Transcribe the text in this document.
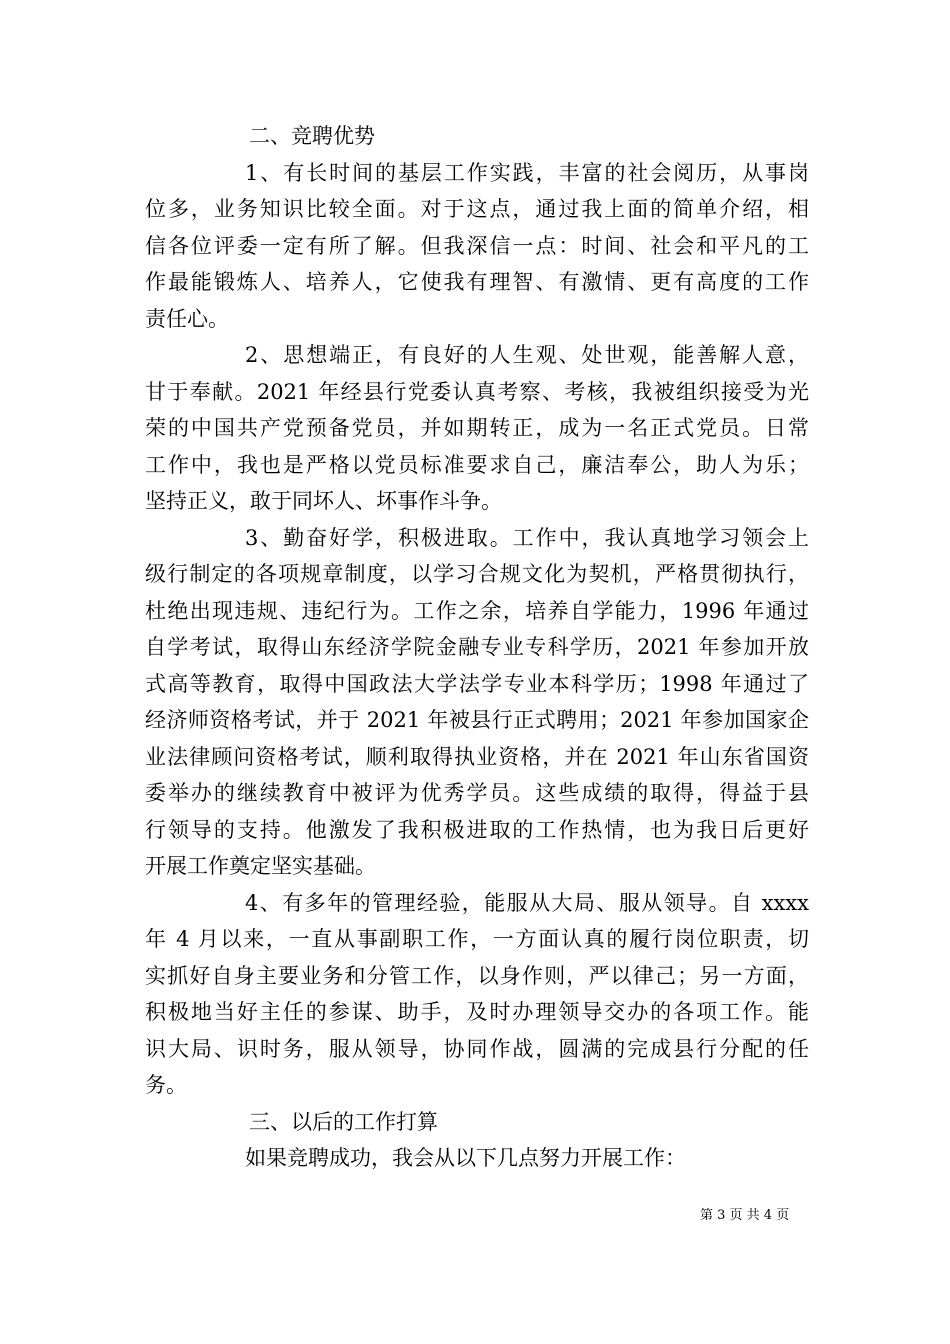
二、竞聘优势

1、有长时间的基层工作实践，丰富的社会阅历，从事岗

位多，业务知识比较全面。对于这点，通过我上面的简单介绍，相

信各位评委一定有所了解。但我深信一点：时间、社会和平凡的工

作最能锻炼人、培养人，它使我有理智、有激情、更有高度的工作

责任心。

2、思想端正，有良好的人生观、处世观，能善解人意，

甘于奉献。2021 年经县行党委认真考察、考核，我被组织接受为光

荣的中国共产党预备党员，并如期转正，成为一名正式党员。日常

工作中，我也是严格以党员标准要求自己，廉洁奉公，助人为乐；

坚持正义，敢于同坏人、坏事作斗争。

3、勤奋好学，积极进取。工作中，我认真地学习领会上

级行制定的各项规章制度，以学习合规文化为契机，严格贯彻执行，

杜绝出现违规、违纪行为。工作之余，培养自学能力，1996 年通过

自学考试，取得山东经济学院金融专业专科学历，2021 年参加开放

式高等教育，取得中国政法大学法学专业本科学历；1998 年通过了

经济师资格考试，并于 2021 年被县行正式聘用；2021 年参加国家企

业法律顾问资格考试，顺利取得执业资格，并在 2021 年山东省国资

委举办的继续教育中被评为优秀学员。这些成绩的取得，得益于县

行领导的支持。他激发了我积极进取的工作热情，也为我日后更好

开展工作奠定坚实基础。

4、有多年的管理经验，能服从大局、服从领导。自 xxxx

年 4 月以来，一直从事副职工作，一方面认真的履行岗位职责，切

实抓好自身主要业务和分管工作，以身作则，严以律己；另一方面，

积极地当好主任的参谋、助手，及时办理领导交办的各项工作。能

识大局、识时务，服从领导，协同作战，圆满的完成县行分配的任

务。

三、以后的工作打算

如果竞聘成功，我会从以下几点努力开展工作：

第 3 页 共 4 页
